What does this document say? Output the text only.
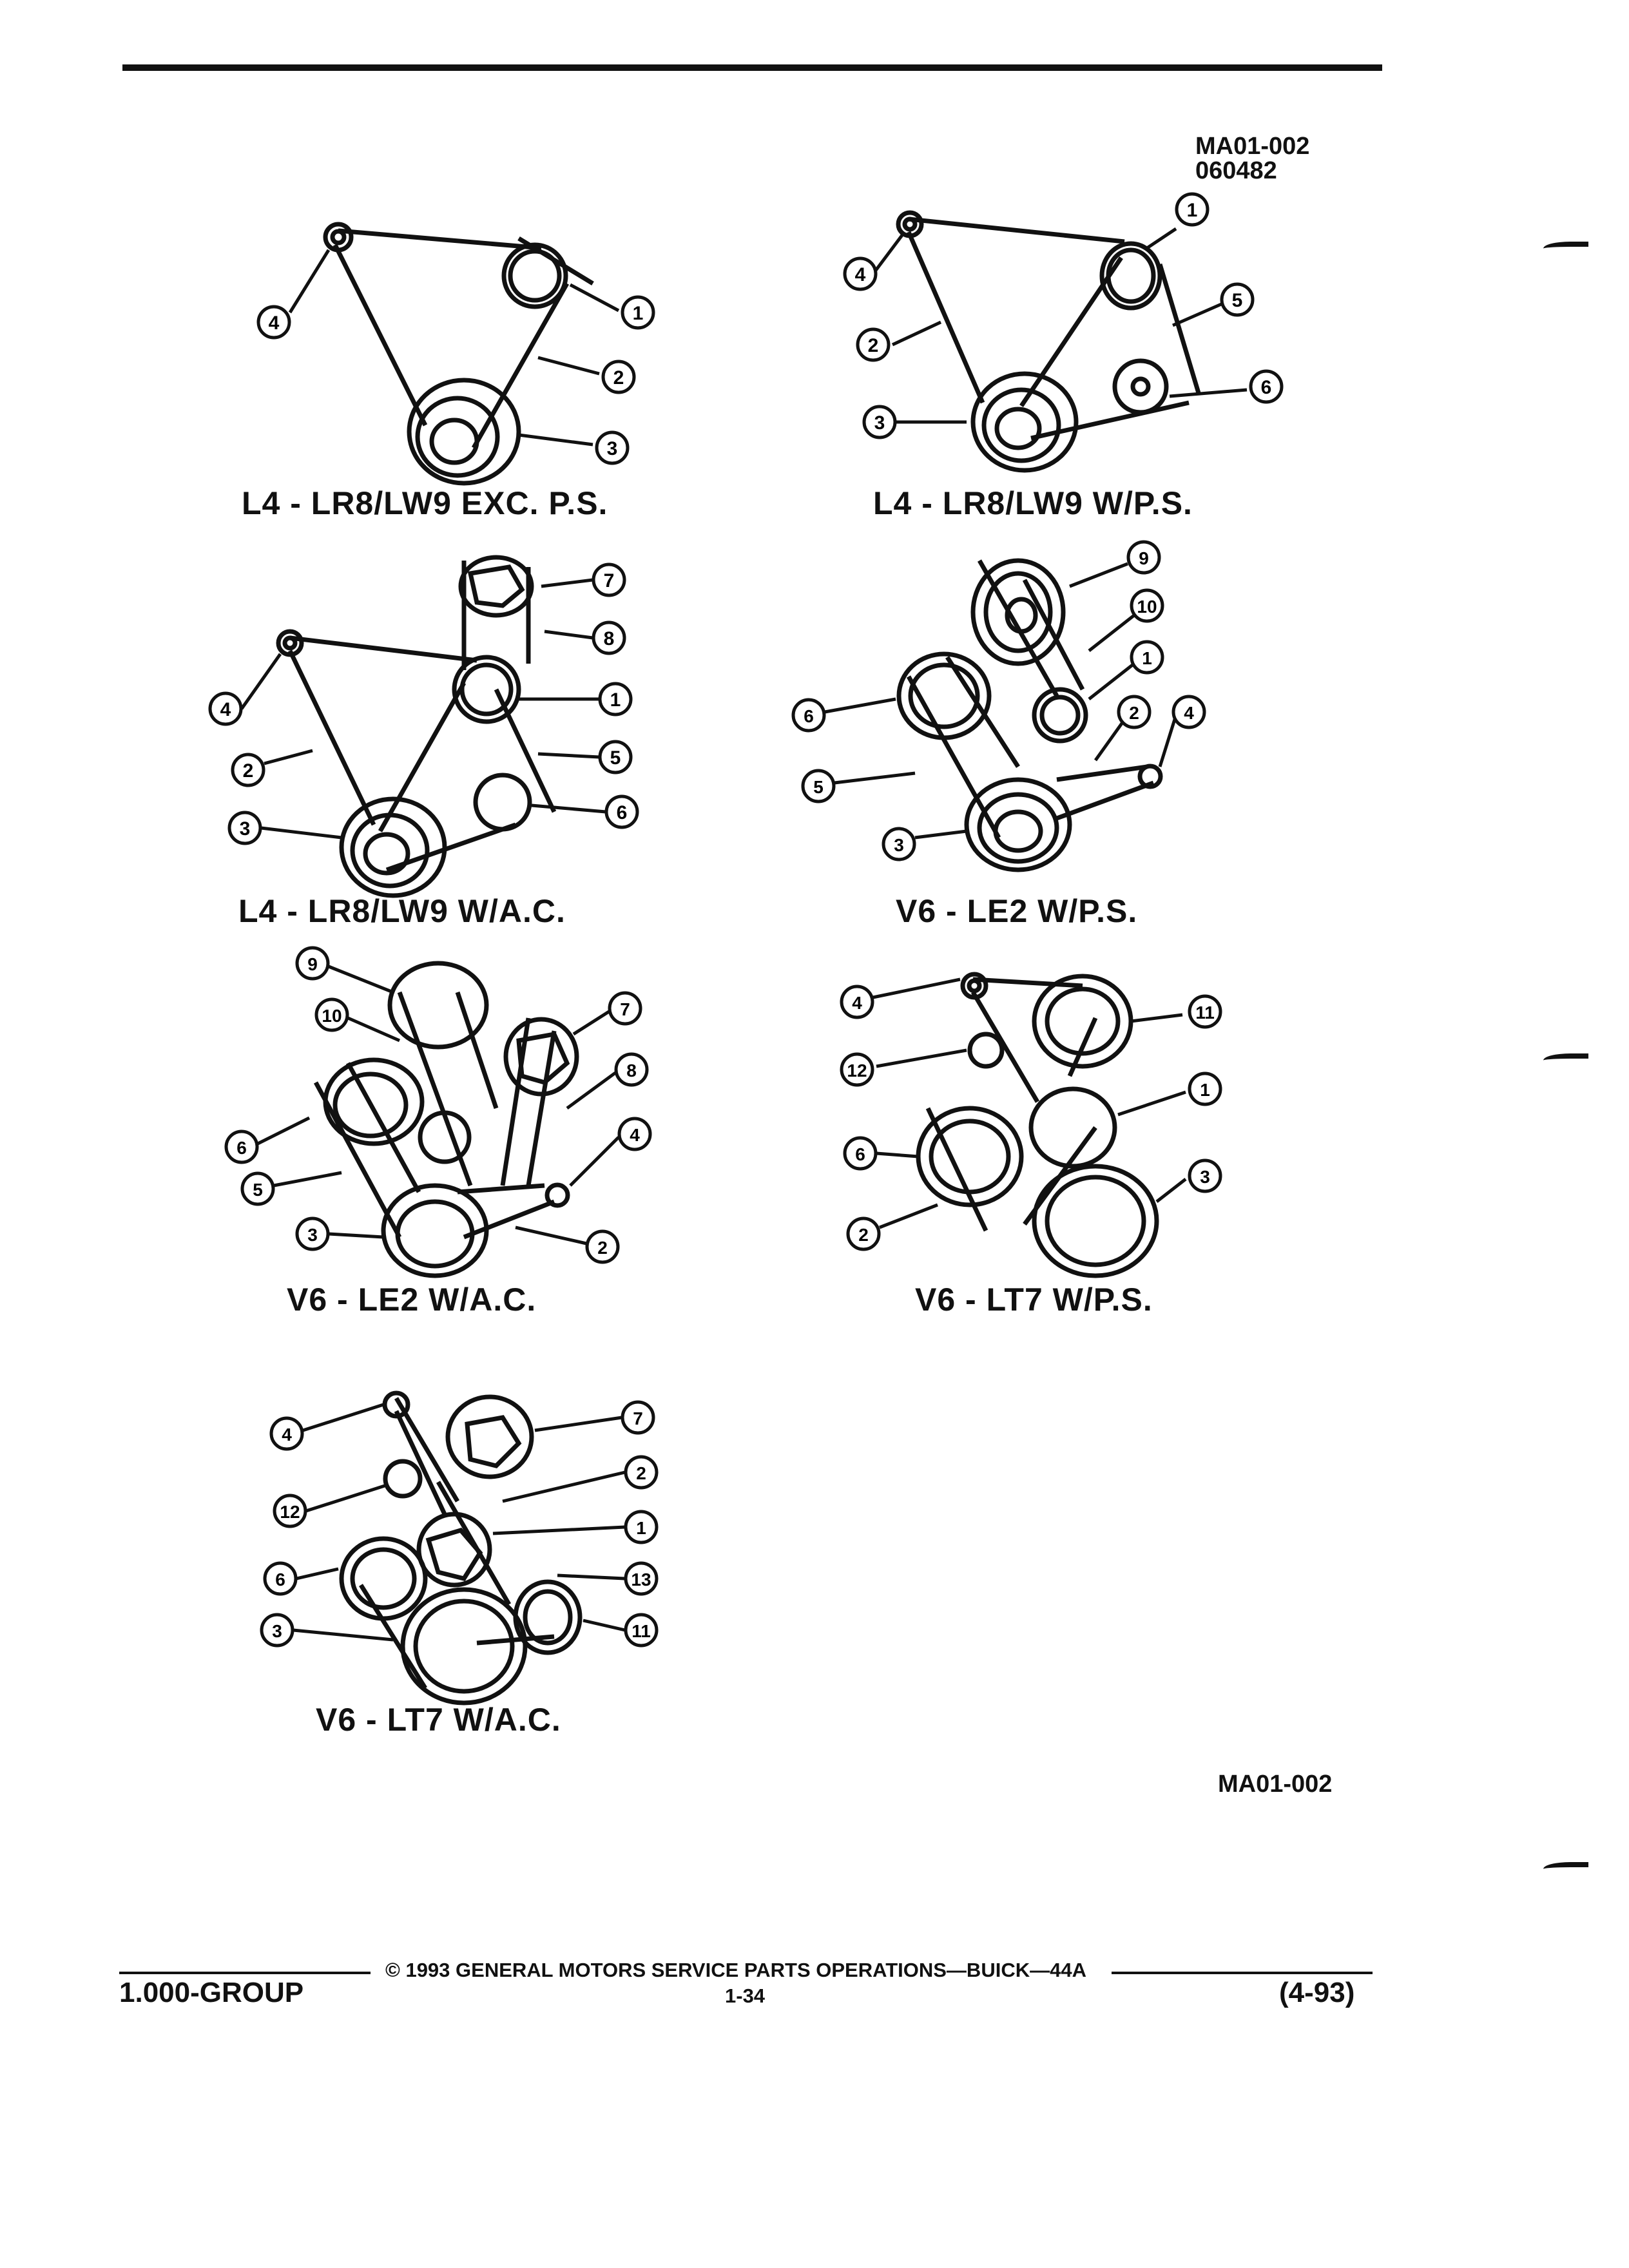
MA01-002
060482
4	1
2
3
L4 - LR8/LW9 EXC. P.S.
4
1
5
2
6
3
L4 - LR8/LW9 W/P.S.
7
8
4	1
2
5
6
3
L4 - LR8/LW9 W/A.C.
9
10
1
6	2 4
5
3
V6 - LE2 W/P.S.
9
10	7
8
6
4
5
3
2
V6 - LE2 W/A.C.
4	11
12
1
6
3
2
V6 - LT7 W/P.S.
4
7
2
12
1
6	13
3	11
V6 - LT7 W/A.C.
MA01-002
© 1993 GENERAL MOTORS SERVICE PARTS OPERATIONS—BUICK—44A
1.000-GROUP	1-34	(4-93)
